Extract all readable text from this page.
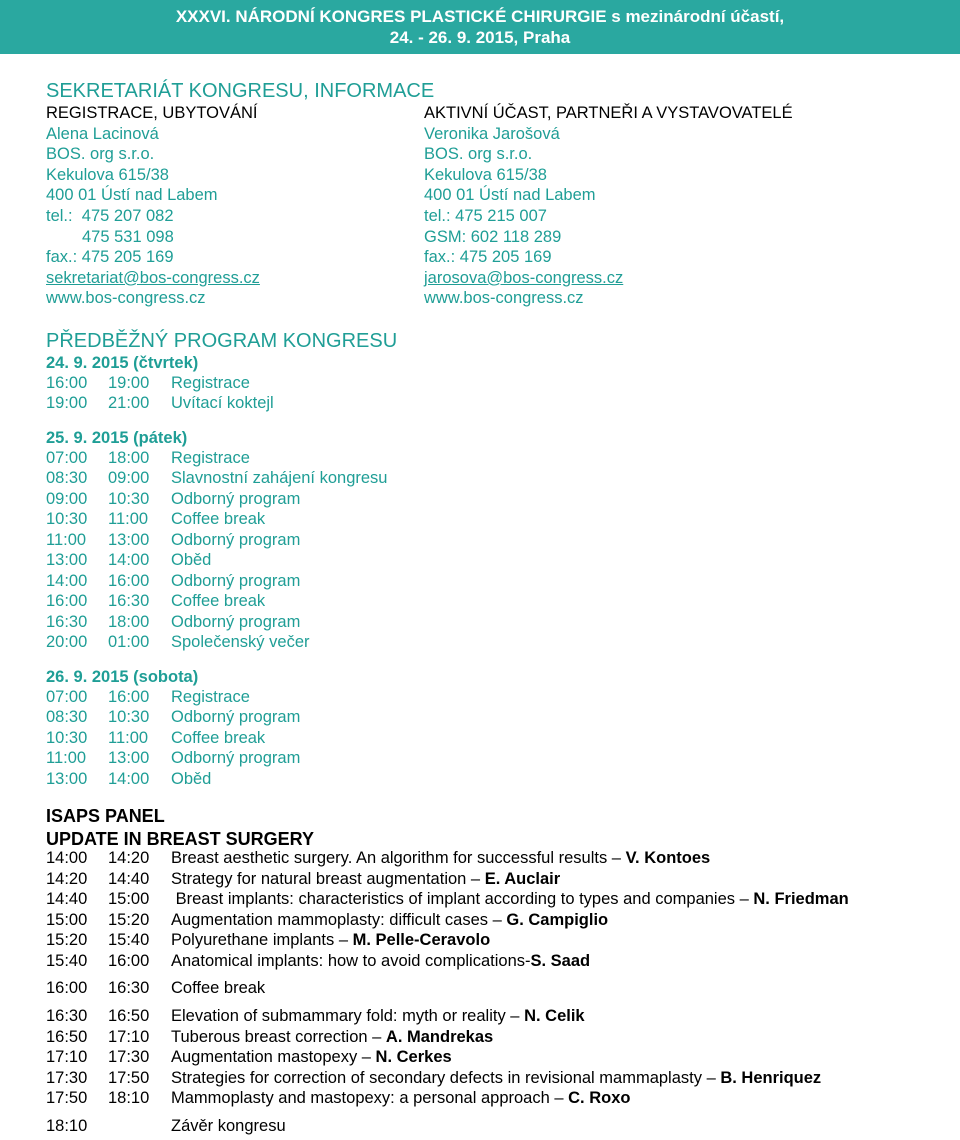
XXXVI. NÁRODNÍ KONGRES PLASTICKÉ CHIRURGIE s mezinárodní účastí,
24. - 26. 9. 2015, Praha
SEKRETARIÁT KONGRESU, INFORMACE
REGISTRACE, UBYTOVÁNÍ
Alena Lacinová
BOS. org s.r.o.
Kekulova 615/38
400 01 Ústí nad Labem
tel.:  475 207 082
475 531 098
fax.: 475 205 169
sekretariat@bos-congress.cz
www.bos-congress.cz
AKTIVNÍ ÚČAST, PARTNEŘI A VYSTAVOVATELÉ
Veronika Jarošová
BOS. org s.r.o.
Kekulova 615/38
400 01 Ústí nad Labem
tel.: 475 215 007
GSM: 602 118 289
fax.: 475 205 169
jarosova@bos-congress.cz
www.bos-congress.cz
PŘEDBĚŽNÝ PROGRAM KONGRESU
24. 9. 2015 (čtvrtek)
16:00 19:00 Registrace
19:00 21:00 Uvítací koktejl
25. 9. 2015 (pátek)
07:00 18:00 Registrace
08:30 09:00 Slavnostní zahájení kongresu
09:00 10:30 Odborný program
10:30 11:00 Coffee break
11:00 13:00 Odborný program
13:00 14:00 Oběd
14:00 16:00 Odborný program
16:00 16:30 Coffee break
16:30 18:00 Odborný program
20:00 01:00 Společenský večer
26. 9. 2015 (sobota)
07:00 16:00 Registrace
08:30 10:30 Odborný program
10:30 11:00 Coffee break
11:00 13:00 Odborný program
13:00 14:00 Oběd
ISAPS PANEL
UPDATE IN BREAST SURGERY
14:00 14:20 Breast aesthetic surgery. An algorithm for successful results – V. Kontoes
14:20 14:40 Strategy for natural breast augmentation – E. Auclair
14:40 15:00 Breast implants: characteristics of implant according to types and companies – N. Friedman
15:00 15:20 Augmentation mammoplasty: difficult cases – G. Campiglio
15:20 15:40 Polyurethane implants – M. Pelle-Ceravolo
15:40 16:00 Anatomical implants: how to avoid complications-S. Saad
16:00 16:30 Coffee break
16:30 16:50 Elevation of submammary fold: myth or reality – N. Celik
16:50 17:10 Tuberous breast correction – A. Mandrekas
17:10 17:30 Augmentation mastopexy – N. Cerkes
17:30 17:50 Strategies for correction of secondary defects in revisional mammaplasty – B. Henriquez
17:50 18:10 Mammoplasty and mastopexy: a personal approach – C. Roxo
18:10	Závěr kongresu
